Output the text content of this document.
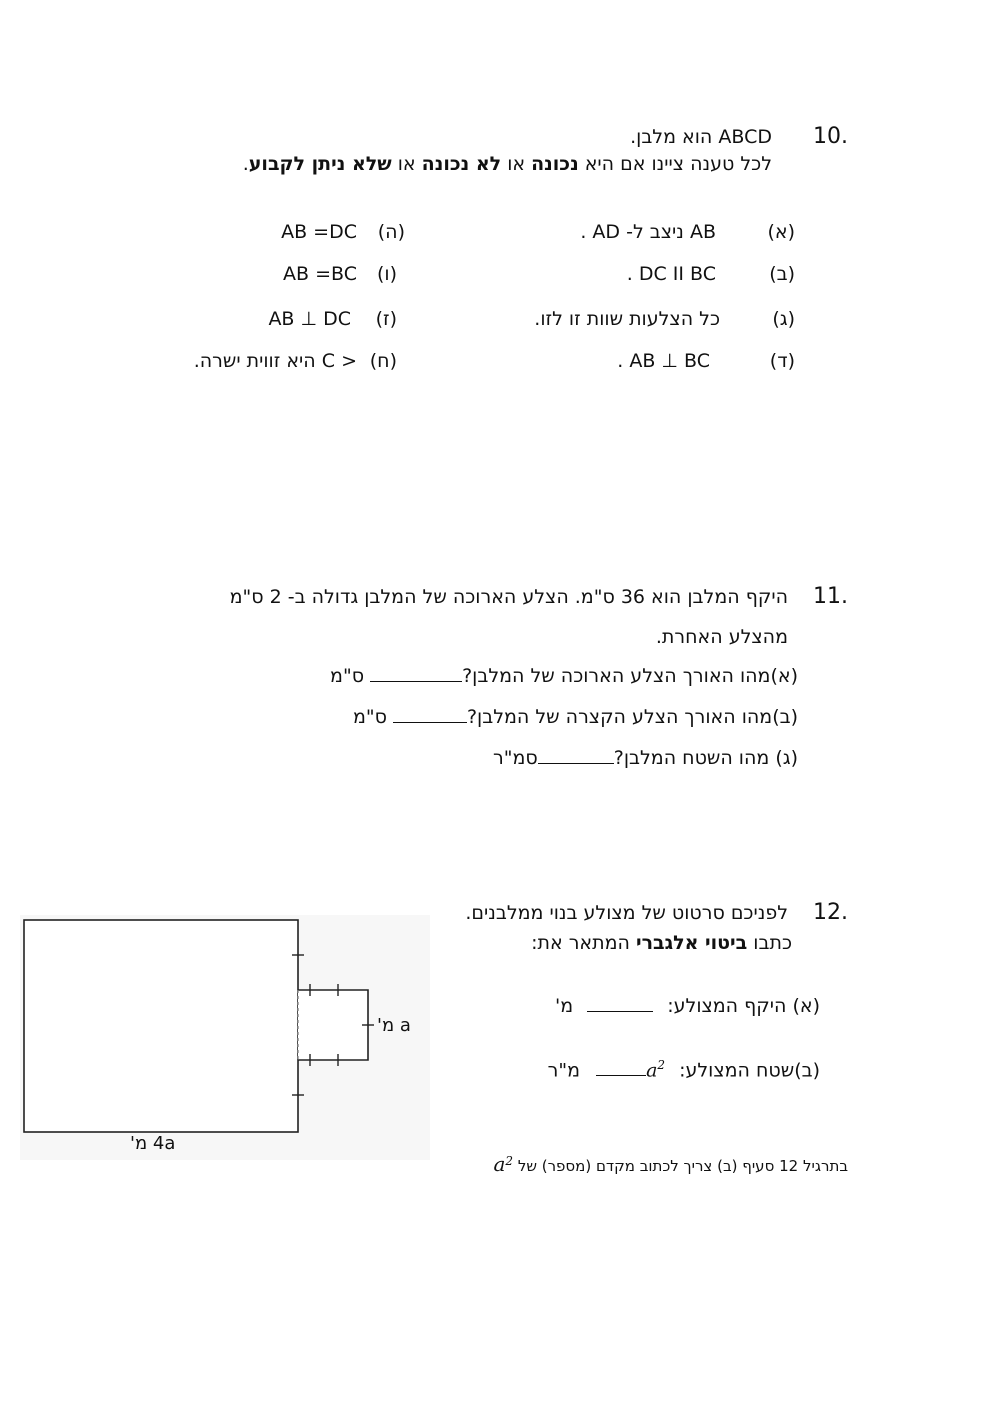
10.
ABCD הוא מלבן.
לכל טענה ציינו אם היא נכונה או לא נכונה או שלא ניתן לקבוע.
(א)
(ב)
(ג)
(ד)
AB ניצב ל- AD .
DC II BC .
כל הצלעות שוות זו לזו.
AB ⊥ BC .
(ה)
(ו)
(ז)
(ח)
AB =DC
AB =BC
AB ⊥ DC
< C היא זווית ישרה.
11.
היקף המלבן הוא 36 ס"מ. הצלע הארוכה של המלבן גדולה ב- 2 ס"מ
מהצלע האחרת.
(א)מהו האורך הצלע הארוכה של המלבן? ס"מ
(ב)מהו האורך הצלע הקצרה של המלבן? ס"מ
(ג) מהו השטח המלבן?סמ"ר
12.
לפניכם סרטוט של מצולע בנוי ממלבנים.
כתבו ביטוי אלגברי המתאר את:
(א) היקף המצולע:  מ'
(ב)שטח המצולע: $a^2$ מ"ר
בתרגיל 12 סעיף (ב) צריך לכתוב מקדם (מספר) של $a^2$
a מ'
4a מ'
